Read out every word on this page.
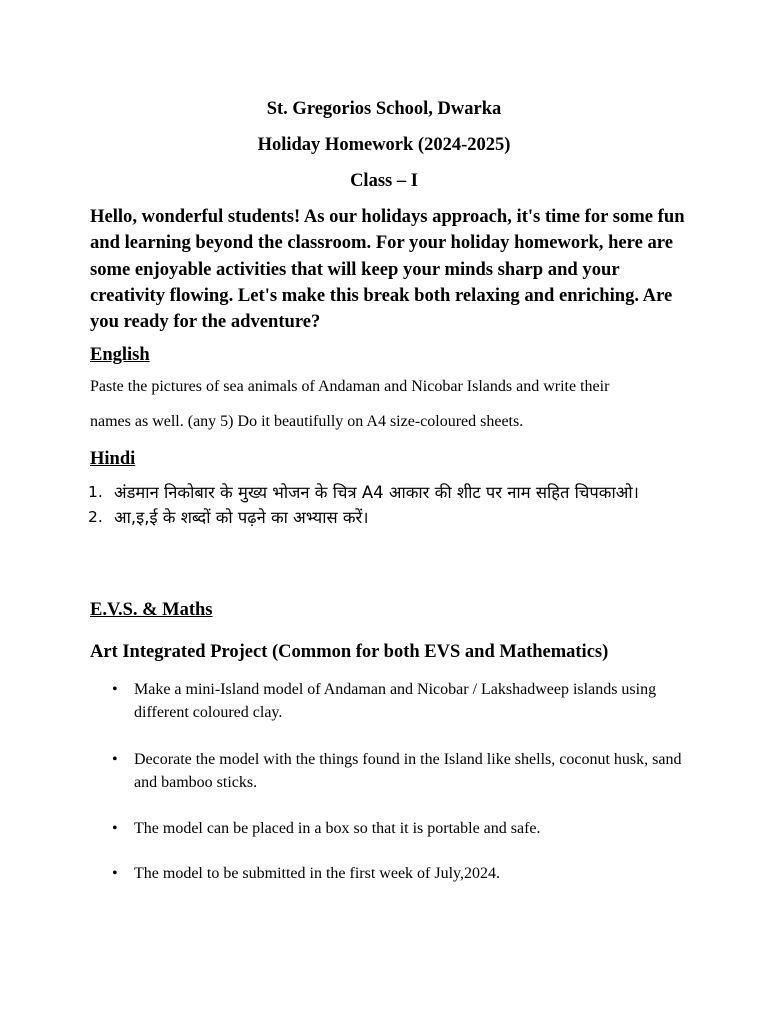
St. Gregorios School, Dwarka
Holiday Homework (2024-2025)
Class – I
Hello, wonderful students! As our holidays approach, it's time for some fun and learning beyond the classroom. For your holiday homework, here are some enjoyable activities that will keep your minds sharp and your creativity flowing. Let's make this break both relaxing and enriching. Are you ready for the adventure?
English
Paste the pictures of sea animals of Andaman and Nicobar Islands and write their
names as well. (any 5) Do it beautifully on A4 size-coloured sheets.
Hindi
1. अंडमान निकोबार के मुख्य भोजन के चित्र A4 आकार की शीट पर नाम सहित चिपकाओ।
2. आ,इ,ई के शब्दों को पढ़ने का अभ्यास करें।
E.V.S. & Maths
Art Integrated Project (Common for both EVS and Mathematics)
• Make a mini-Island model of Andaman and Nicobar / Lakshadweep islands using different coloured clay.
• Decorate the model with the things found in the Island like shells, coconut husk, sand and bamboo sticks.
• The model can be placed in a box so that it is portable and safe.
• The model to be submitted in the first week of July,2024.
